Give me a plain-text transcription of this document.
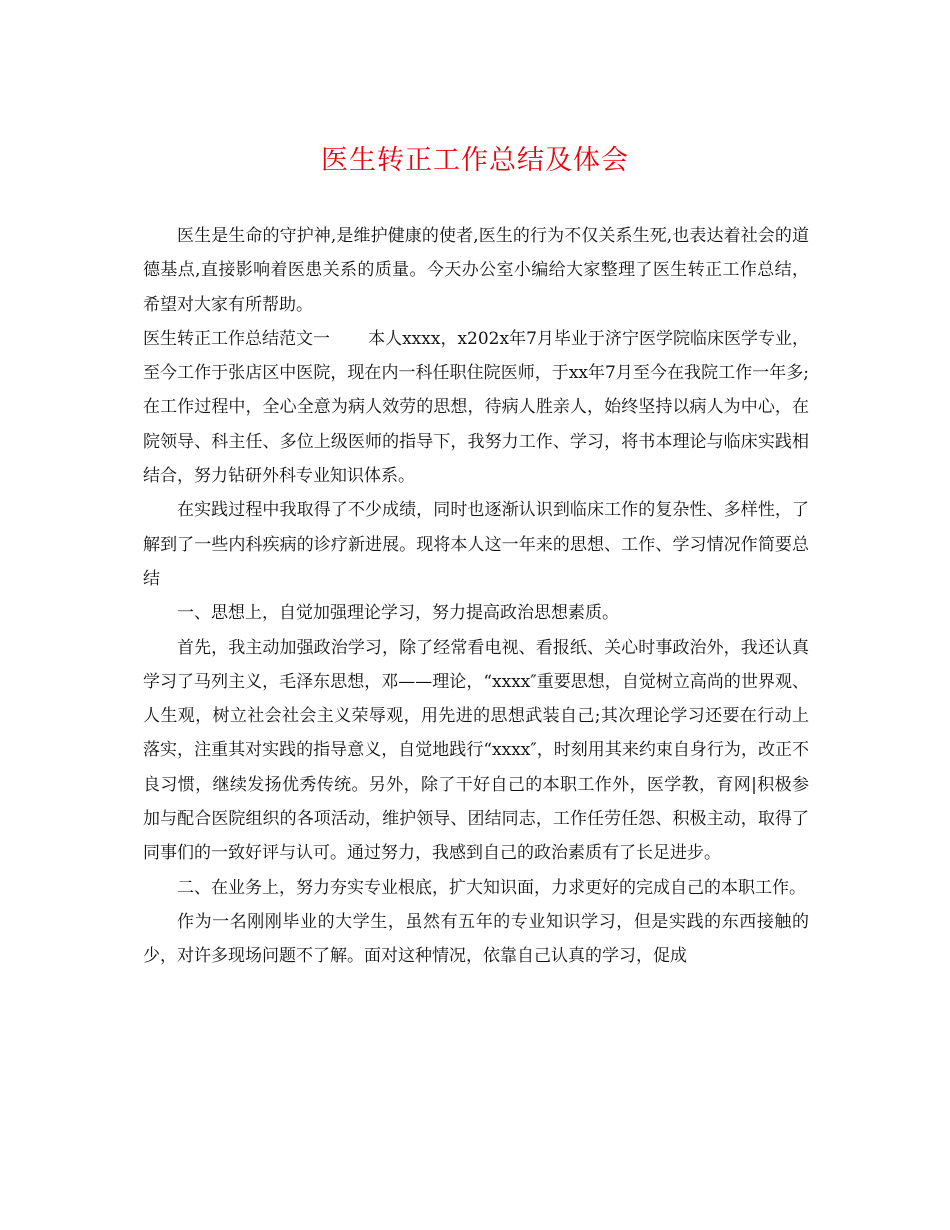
医生转正工作总结及体会

医生是生命的守护神,是维护健康的使者,医生的行为不仅关系生死,也表达着社会的道德基点,直接影响着医患关系的质量。今天办公室小编给大家整理了医生转正工作总结，希望对大家有所帮助。

医生转正工作总结范文一 本人xxxx，x202x年7月毕业于济宁医学院临床医学专业，至今工作于张店区中医院，现在内一科任职住院医师，于xx年7月至今在我院工作一年多;在工作过程中，全心全意为病人效劳的思想，待病人胜亲人，始终坚持以病人为中心，在院领导、科主任、多位上级医师的指导下，我努力工作、学习，将书本理论与临床实践相结合，努力钻研外科专业知识体系。

在实践过程中我取得了不少成绩，同时也逐渐认识到临床工作的复杂性、多样性，了解到了一些内科疾病的诊疗新进展。现将本人这一年来的思想、工作、学习情况作简要总结

一、思想上，自觉加强理论学习，努力提高政治思想素质。

首先，我主动加强政治学习，除了经常看电视、看报纸、关心时事政治外，我还认真学习了马列主义，毛泽东思想，邓——理论，“xxxx″重要思想，自觉树立高尚的世界观、人生观，树立社会社会主义荣辱观，用先进的思想武装自己;其次理论学习还要在行动上落实，注重其对实践的指导意义，自觉地践行“xxxx″，时刻用其来约束自身行为，改正不良习惯，继续发扬优秀传统。另外，除了干好自己的本职工作外，医学教，育网|积极参加与配合医院组织的各项活动，维护领导、团结同志，工作任劳任怨、积极主动，取得了同事们的一致好评与认可。通过努力，我感到自己的政治素质有了长足进步。

二、在业务上，努力夯实专业根底，扩大知识面，力求更好的完成自己的本职工作。

作为一名刚刚毕业的大学生，虽然有五年的专业知识学习，但是实践的东西接触的少，对许多现场问题不了解。面对这种情况，依靠自己认真的学习，促成
